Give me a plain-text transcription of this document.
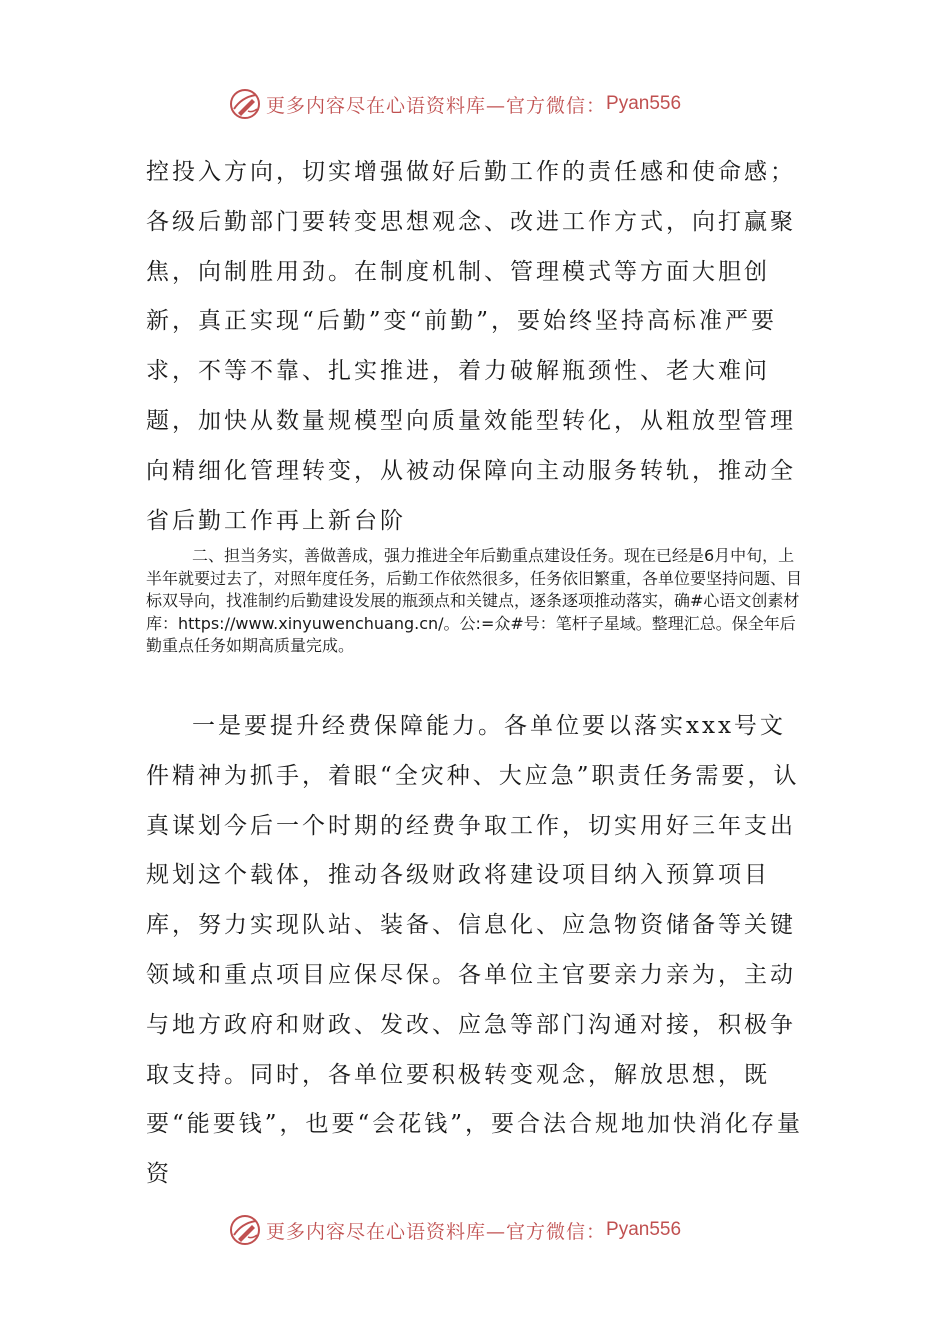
更多内容尽在心语资料库—官方微信： Pyan556

控投入方向，切实增强做好后勤工作的责任感和使命感；各级后勤部门要转变思想观念、改进工作方式，向打赢聚焦，向制胜用劲。在制度机制、管理模式等方面大胆创新，真正实现“后勤”变“前勤”，要始终坚持高标准严要求，不等不靠、扎实推进，着力破解瓶颈性、老大难问题，加快从数量规模型向质量效能型转化，从粗放型管理向精细化管理转变，从被动保障向主动服务转轨，推动全省后勤工作再上新台阶

二、担当务实，善做善成，强力推进全年后勤重点建设任务。现在已经是6月中旬，上半年就要过去了，对照年度任务，后勤工作依然很多，任务依旧繁重，各单位要坚持问题、目标双导向，找准制约后勤建设发展的瓶颈点和关键点，逐条逐项推动落实，确#心语文创素材库：https://www.xinyuwenchuang.cn/。公:=众#号：笔杆子星域。整理汇总。保全年后勤重点任务如期高质量完成。

一是要提升经费保障能力。各单位要以落实xxx号文件精神为抓手，着眼“全灾种、大应急”职责任务需要，认真谋划今后一个时期的经费争取工作，切实用好三年支出规划这个载体，推动各级财政将建设项目纳入预算项目库，努力实现队站、装备、信息化、应急物资储备等关键领域和重点项目应保尽保。各单位主官要亲力亲为，主动与地方政府和财政、发改、应急等部门沟通对接，积极争取支持。同时，各单位要积极转变观念，解放思想，既要“能要钱”，也要“会花钱”，要合法合规地加快消化存量资

更多内容尽在心语资料库—官方微信： Pyan556
